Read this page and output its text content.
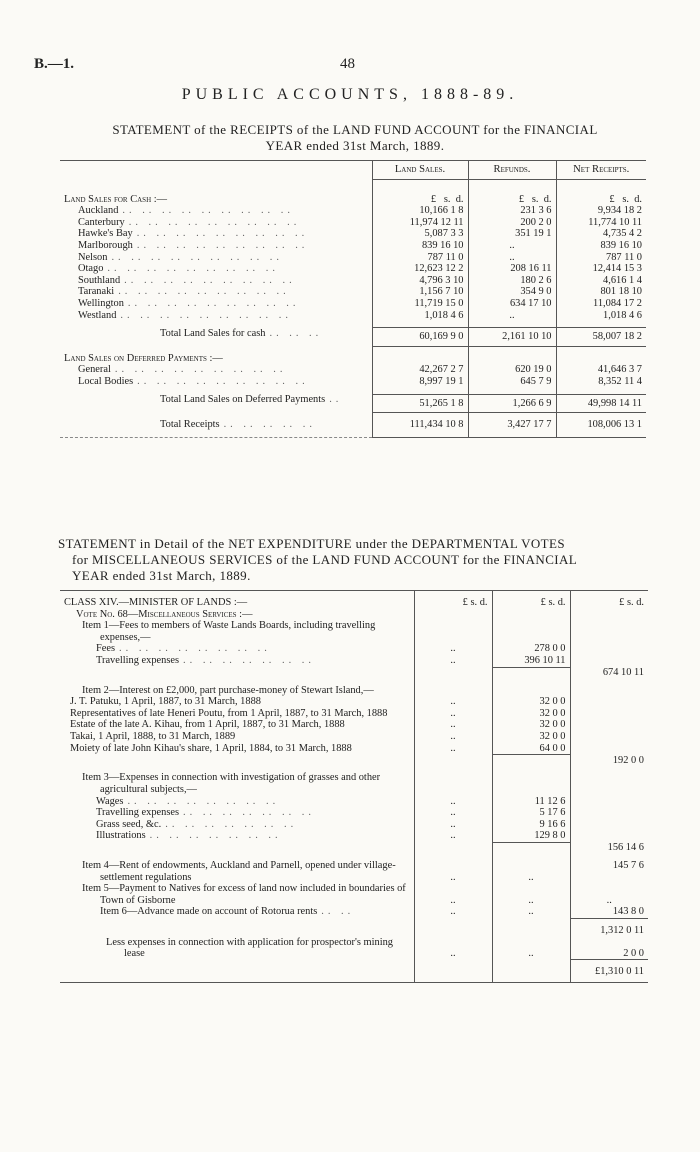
B.—1.	48
PUBLIC ACCOUNTS, 1888-89.
STATEMENT of the RECEIPTS of the LAND FUND ACCOUNT for the FINANCIAL
YEAR ended 31st March, 1889.
	Land Sales.	Refunds.	Net Receipts.

Land Sales for Cash :—	£ s. d.	£ s. d.	£ s. d.

Auckland .. .. .. .. .. .. .. .. ..	10,166 1 8	231 3 6	9,934 18 2

Canterbury .. .. .. .. .. .. .. .. ..	11,974 12 11	200 2 0	11,774 10 11

Hawke's Bay .. .. .. .. .. .. .. .. ..	5,087 3 3	351 19 1	4,735 4 2

Marlborough .. .. .. .. .. .. .. .. ..	839 16 10	..	839 16 10

Nelson .. .. .. .. .. .. .. .. ..	787 11 0	..	787 11 0

Otago .. .. .. .. .. .. .. .. ..	12,623 12 2	208 16 11	12,414 15 3

Southland .. .. .. .. .. .. .. .. ..	4,796 3 10	180 2 6	4,616 1 4

Taranaki .. .. .. .. .. .. .. .. ..	1,156 7 10	354 9 0	801 18 10

Wellington .. .. .. .. .. .. .. .. ..	11,719 15 0	634 17 10	11,084 17 2

Westland .. .. .. .. .. .. .. .. ..	1,018 4 6	..	1,018 4 6

Total Land Sales for cash .. .. ..	60,169 9 0	2,161 10 10	58,007 18 2

Land Sales on Deferred Payments :—			

General .. .. .. .. .. .. .. .. ..	42,267 2 7	620 19 0	41,646 3 7

Local Bodies .. .. .. .. .. .. .. .. ..	8,997 19 1	645 7 9	8,352 11 4

Total Land Sales on Deferred Payments ..	51,265 1 8	1,266 6 9	49,998 14 11

Total Receipts .. .. .. .. ..	111,434 10 8	3,427 17 7	108,006 13 1
STATEMENT in Detail of the NET EXPENDITURE under the DEPARTMENTAL VOTES
for MISCELLANEOUS SERVICES of the LAND FUND ACCOUNT for the FINANCIAL
YEAR ended 31st March, 1889.

CLASS XIV.—MINISTER OF LANDS :—	£ s. d.	£ s. d.	£ s. d.
Vote No. 68—Miscellaneous Services :—			
Item 1—Fees to members of Waste Lands Boards, including travelling expenses,—			

Fees .. .. .. .. .. .. .. ..	..	278 0 0	

Travelling expenses .. .. .. .. .. .. ..	..	396 10 11	
			674 10 11

Item 2—Interest on £2,000, part purchase-money of Stewart Island,—			
J. T. Patuku, 1 April, 1887, to 31 March, 1888	..	32 0 0	
Representatives of late Heneri Poutu, from 1 April, 1887, to 31 March, 1888	..	32 0 0	
Estate of the late A. Kihau, from 1 April, 1887, to 31 March, 1888	..	32 0 0	
Takai, 1 April, 1888, to 31 March, 1889	..	32 0 0	
Moiety of late John Kihau's share, 1 April, 1884, to 31 March, 1888	..	64 0 0	
			192 0 0

Item 3—Expenses in connection with investigation of grasses and other agricultural subjects,—			

Wages .. .. .. .. .. .. .. ..	..	11 12 6	

Travelling expenses .. .. .. .. .. .. ..	..	5 17 6	

Grass seed, &c. .. .. .. .. .. .. ..	..	9 16 6	

Illustrations .. .. .. .. .. .. ..	..	129 8 0	
			156 14 6

Item 4—Rent of endowments, Auckland and Parnell, opened under village-settlement regulations	..	..	145 7 6
Item 5—Payment to Natives for excess of land now included in boundaries of Town of Gisborne	..	..	..

Item 6—Advance made on account of Rotorua rents .. ..	..	..	143 8 0

			1,312 0 11
Less expenses in connection with application for prospector's mining lease	..	..	2 0 0

			£1,310 0 11
